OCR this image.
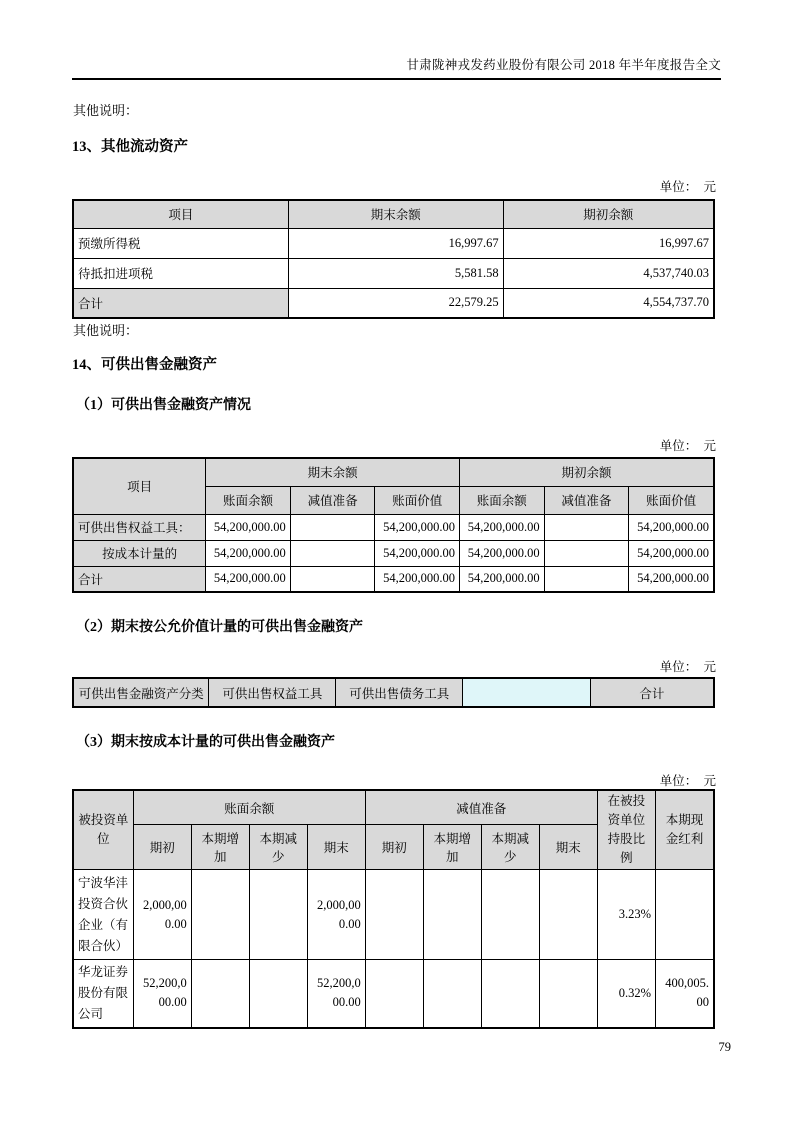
甘肃陇神戎发药业股份有限公司 2018 年半年度报告全文
其他说明：
13、其他流动资产
单位：  元
项目	期末余额	期初余额
预缴所得税	16,997.67	16,997.67
待抵扣进项税	5,581.58	4,537,740.03
合计	22,579.25	4,554,737.70
其他说明：
14、可供出售金融资产
（1）可供出售金融资产情况
单位：  元
项目	期末余额			期初余额		
	账面余额	减值准备	账面价值	账面余额	减值准备	账面价值
可供出售权益工具：	54,200,000.00		54,200,000.00	54,200,000.00		54,200,000.00
按成本计量的	54,200,000.00		54,200,000.00	54,200,000.00		54,200,000.00
合计	54,200,000.00		54,200,000.00	54,200,000.00		54,200,000.00
（2）期末按公允价值计量的可供出售金融资产
单位：  元
可供出售金融资产分类	可供出售权益工具	可供出售债务工具		合计
（3）期末按成本计量的可供出售金融资产
单位：  元
被投资单位	账面余额				减值准备				在被投资单位持股比例	本期现金红利
	期初	本期增加	本期减少	期末	期初	本期增加	本期减少	期末		
宁波华沣投资合伙企业（有限合伙）	2,000,000.00			2,000,000.00					3.23%	
华龙证券股份有限公司	52,200,000.00			52,200,000.00					0.32%	400,005.00
79
